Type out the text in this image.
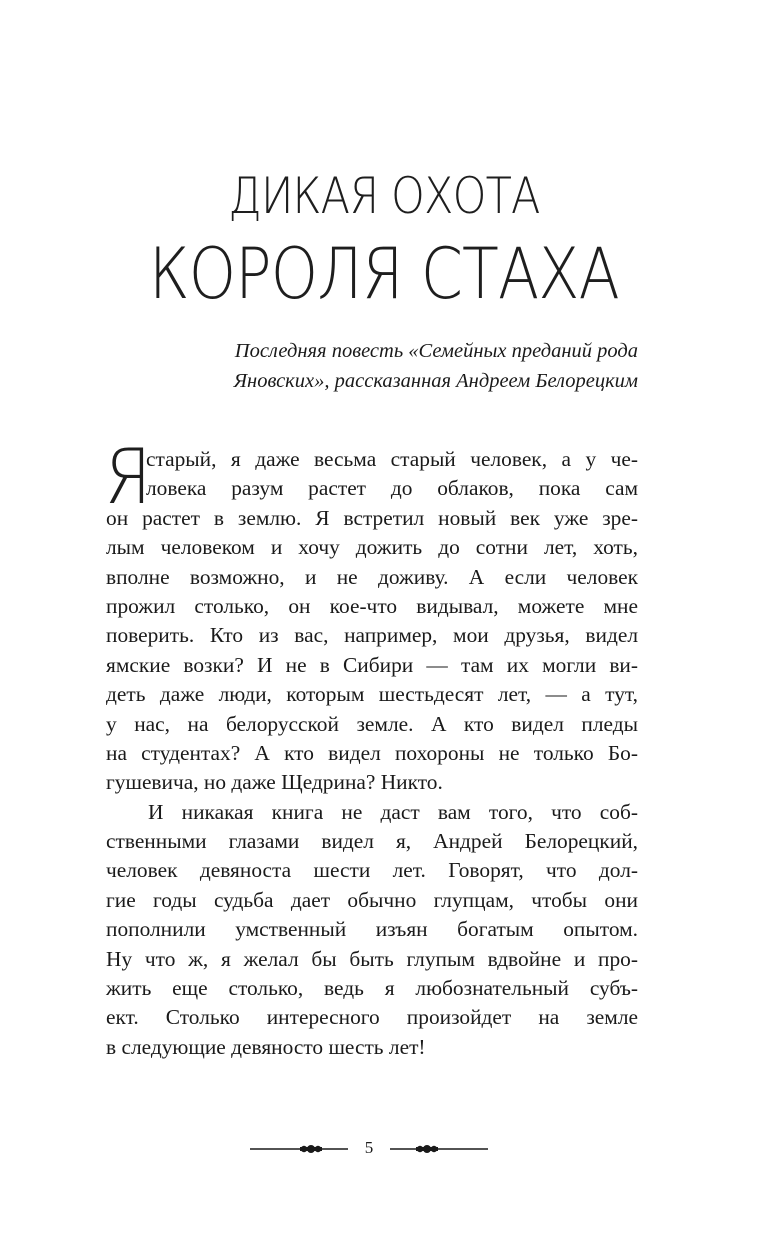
ДИКАЯ ОХОТА
КОРОЛЯ СТАХА
Последняя повесть «Семейных преданий рода
Яновских», рассказанная Андреем Белорецким
Я
старый, я даже весьма старый человек, а у че-
ловека разум растет до облаков, пока сам
он растет в землю. Я встретил новый век уже зре-
лым человеком и хочу дожить до сотни лет, хоть,
вполне возможно, и не доживу. А если человек
прожил столько, он кое-что видывал, можете мне
поверить. Кто из вас, например, мои друзья, видел
ямские возки? И не в Сибири — там их могли ви-
деть даже люди, которым шестьдесят лет, — а тут,
у нас, на белорусской земле. А кто видел пледы
на студентах? А кто видел похороны не только Бо-
гушевича, но даже Щедрина? Никто.
И никакая книга не даст вам того, что соб-
ственными глазами видел я, Андрей Белорецкий,
человек девяноста шести лет. Говорят, что дол-
гие годы судьба дает обычно глупцам, чтобы они
пополнили умственный изъян богатым опытом.
Ну что ж, я желал бы быть глупым вдвойне и про-
жить еще столько, ведь я любознательный субъ-
ект. Столько интересного произойдет на земле
в следующие девяносто шесть лет!
5
